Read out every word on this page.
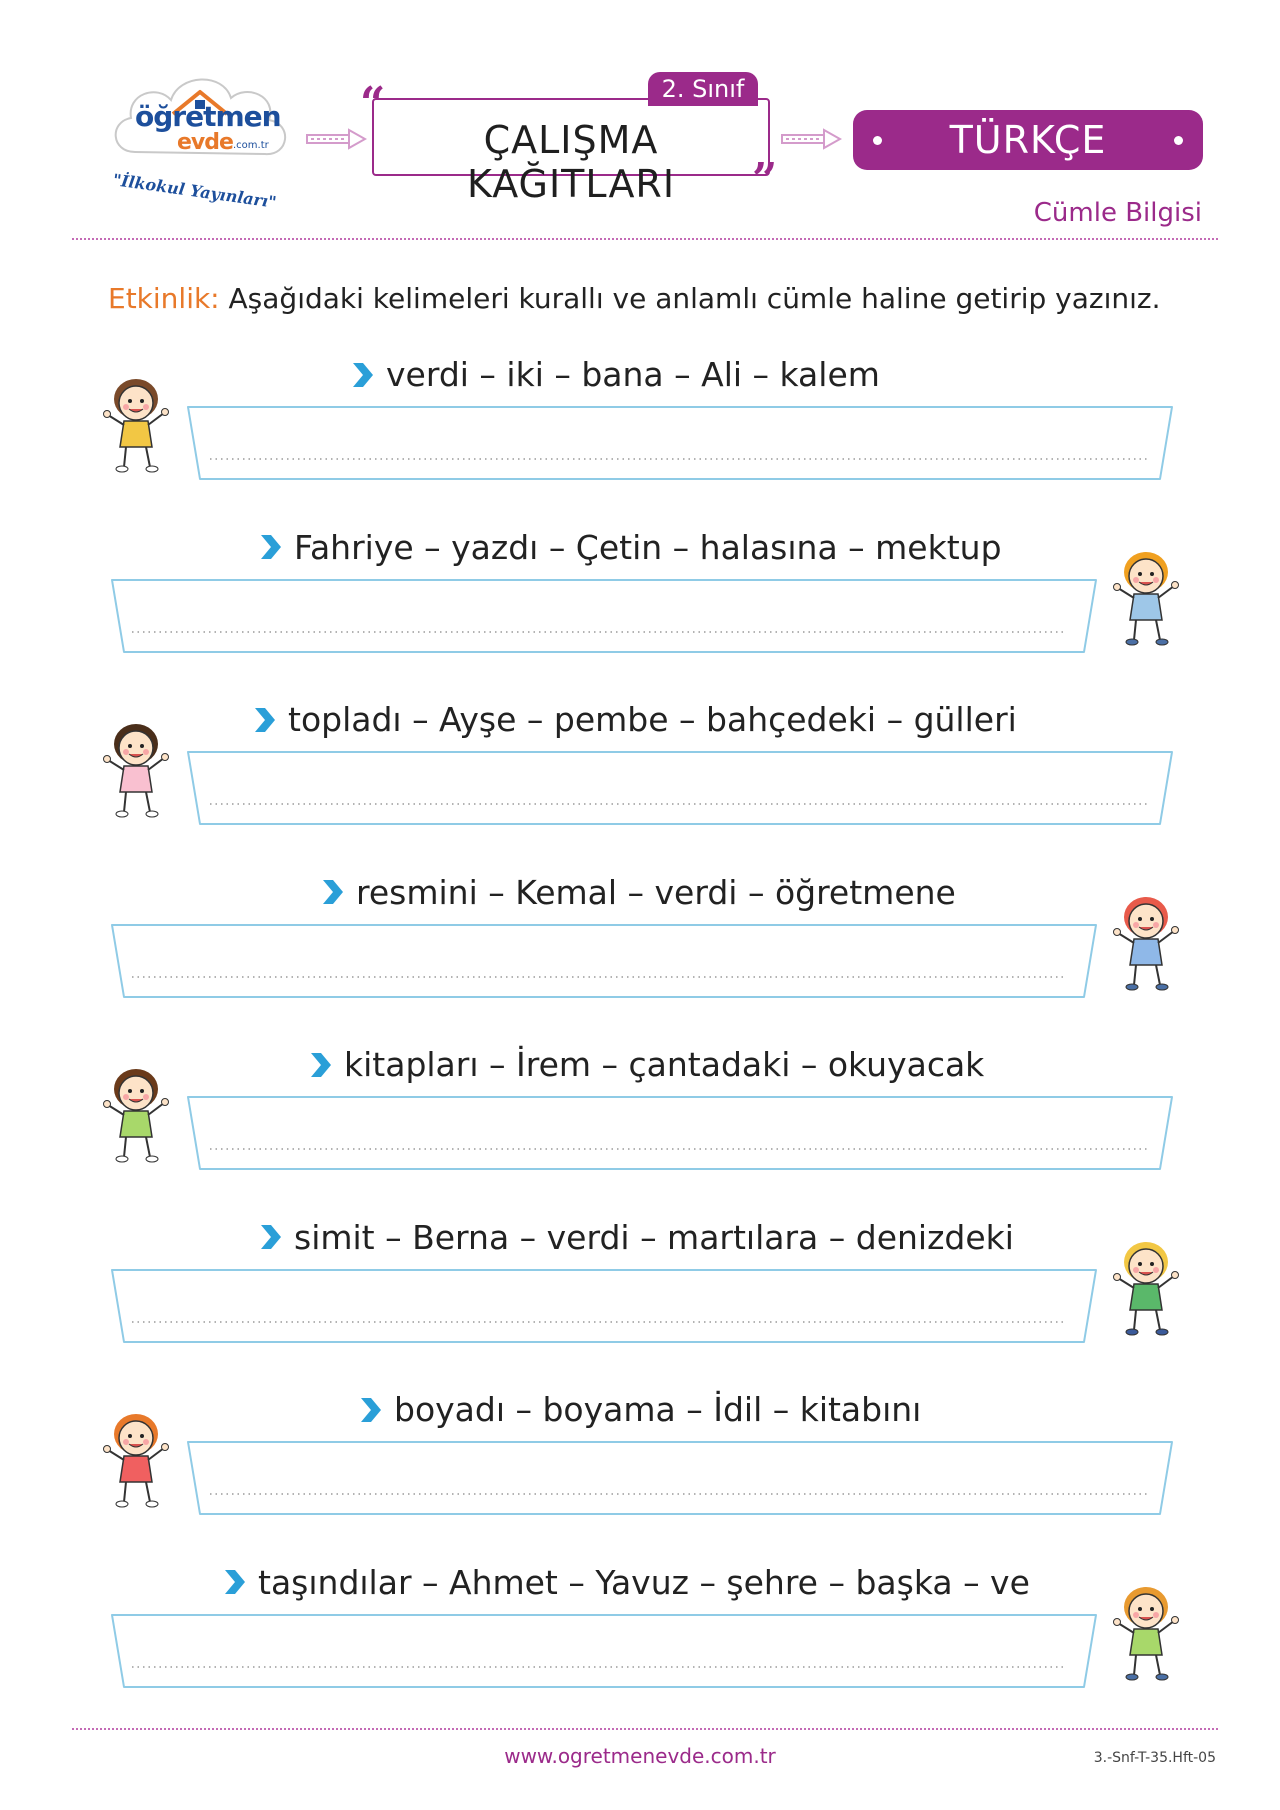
öğretmen
evde .com.tr
"İlkokul Yayınları"
“	2. Sınıf
ÇALIŞMA KAĞITLARI	”
TÜRKÇE
Cümle Bilgisi
Etkinlik: Aşağıdaki kelimeleri kurallı ve anlamlı cümle haline getirip yazınız.
verdi – iki – bana – Ali – kalem
Fahriye – yazdı – Çetin – halasına – mektup
topladı – Ayşe – pembe – bahçedeki – gülleri
resmini – Kemal – verdi – öğretmene
kitapları – İrem – çantadaki – okuyacak
simit – Berna – verdi – martılara – denizdeki
boyadı – boyama – İdil – kitabını
taşındılar – Ahmet – Yavuz – şehre – başka – ve
www.ogretmenevde.com.tr	3.-Snf-T-35.Hft-05
